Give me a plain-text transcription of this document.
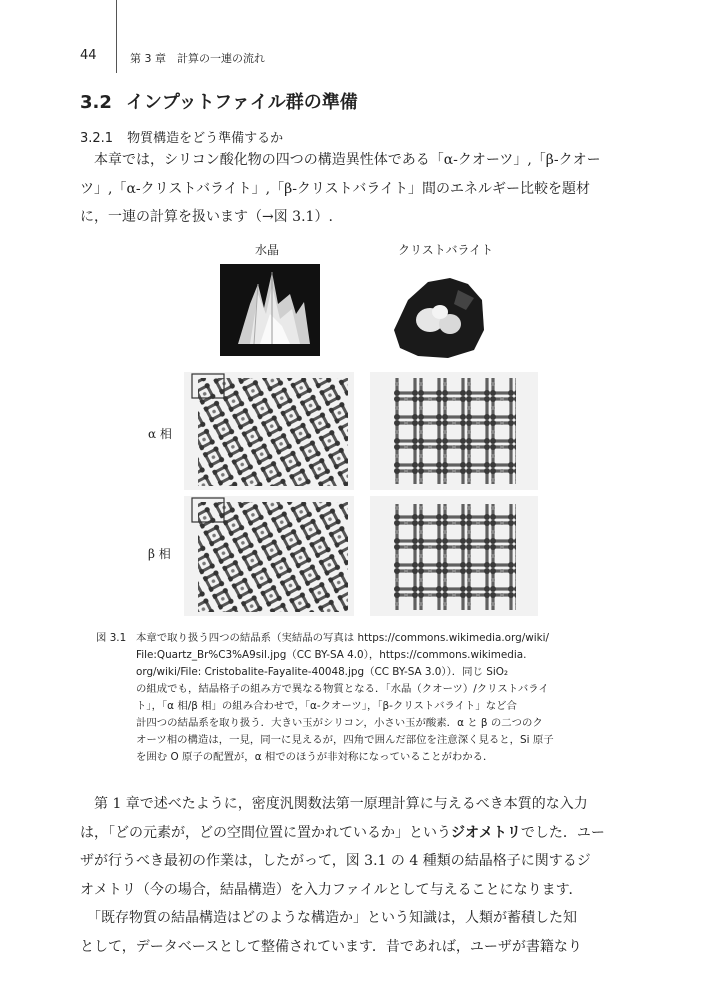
44	第 3 章　計算の一連の流れ
3.2 インプットファイル群の準備
3.2.1 物質構造をどう準備するか
本章では，シリコン酸化物の四つの構造異性体である「α-クオーツ」,「β-クオー
ツ」,「α-クリストバライト」,「β-クリストバライト」間のエネルギー比較を題材
に，一連の計算を扱います（→図 3.1）.
水晶	クリストバライト
α 相
β 相
図 3.1 本章で取り扱う四つの結晶系（実結晶の写真は https://commons.wikimedia.org/wiki/
File:Quartz_Br%C3%A9sil.jpg（CC BY-SA 4.0），https://commons.wikimedia.
org/wiki/File: Cristobalite-Fayalite-40048.jpg（CC BY-SA 3.0））．同じ SiO₂
の組成でも，結晶格子の組み方で異なる物質となる．「水晶（クオーツ）/クリストバライ
ト」，「α 相/β 相」の組み合わせで，「α-クオーツ」，「β-クリストバライト」など合
計四つの結晶系を取り扱う．大きい玉がシリコン，小さい玉が酸素．α と β の二つのク
オーツ相の構造は，一見，同一に見えるが，四角で囲んだ部位を注意深く見ると，Si 原子
を囲む O 原子の配置が，α 相でのほうが非対称になっていることがわかる．
第 1 章で述べたように，密度汎関数法第一原理計算に与えるべき本質的な入力
は，「どの元素が，どの空間位置に置かれているか」というジオメトリでした．ユー
ザが行うべき最初の作業は，したがって，図 3.1 の 4 種類の結晶格子に関するジ
オメトリ（今の場合，結晶構造）を入力ファイルとして与えることになります．
「既存物質の結晶構造はどのような構造か」という知識は，人類が蓄積した知
として，データベースとして整備されています．昔であれば，ユーザが書籍なり
